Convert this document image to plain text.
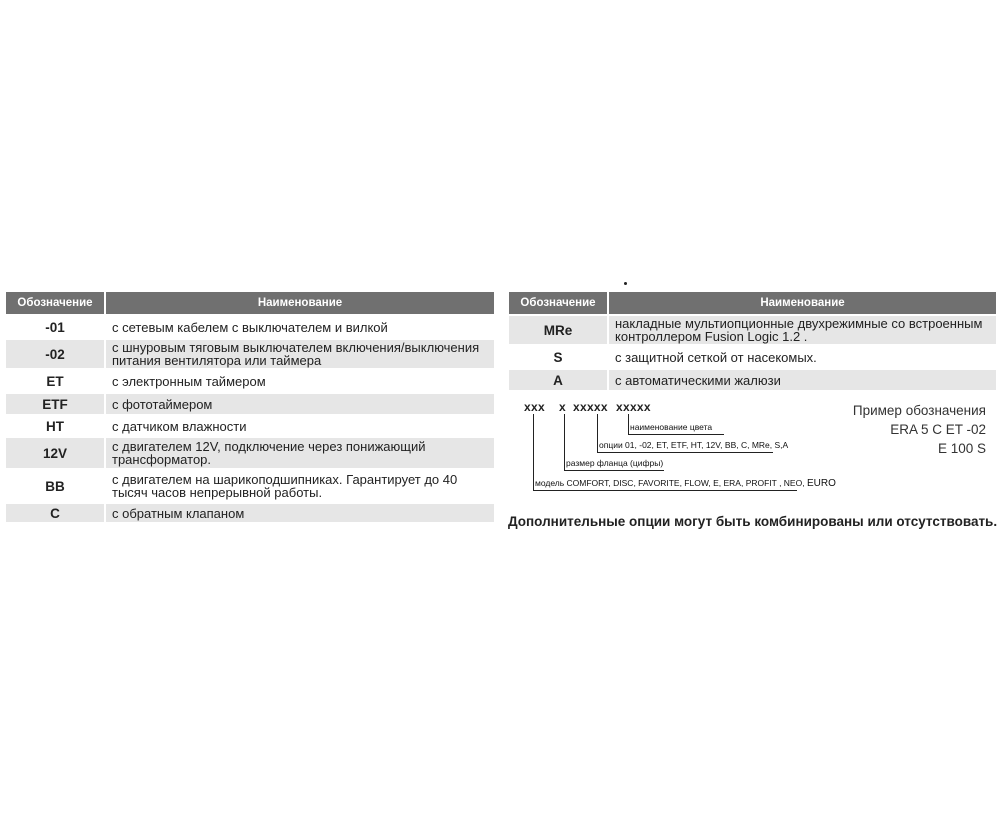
Обозначение	Наименование
-01	с сетевым кабелем с выключателем и вилкой
-02	с шнуровым тяговым выключателем включения/выключения питания вентилятора или таймера
ET	с электронным таймером
ETF	с фототаймером
HT	с датчиком влажности
12V	с двигателем 12V, подключение через понижающий трансформатор.
BB	с двигателем на шарикоподшипниках. Гарантирует до 40 тысяч часов непрерывной работы.
C	с обратным клапаном
Обозначение	Наименование
MRe	накладные мультиопционные двухрежимные со встроенным контроллером Fusion Logic 1.2 .
S	с защитной сеткой от насекомых.
A	с автоматическими жалюзи
xxx x xxxxx xxxxx
наименование цвета
опции 01, -02, ET, ETF, HT, 12V, BB, C, MRe, S,A
размер фланца (цифры)
модель COMFORT, DISC, FAVORITE, FLOW, E, ERA, PROFIT , NEO, EURO
Пример обозначения
ERA 5 C ET -02
E 100 S
Дополнительные опции могут быть комбинированы или отсутствовать.
